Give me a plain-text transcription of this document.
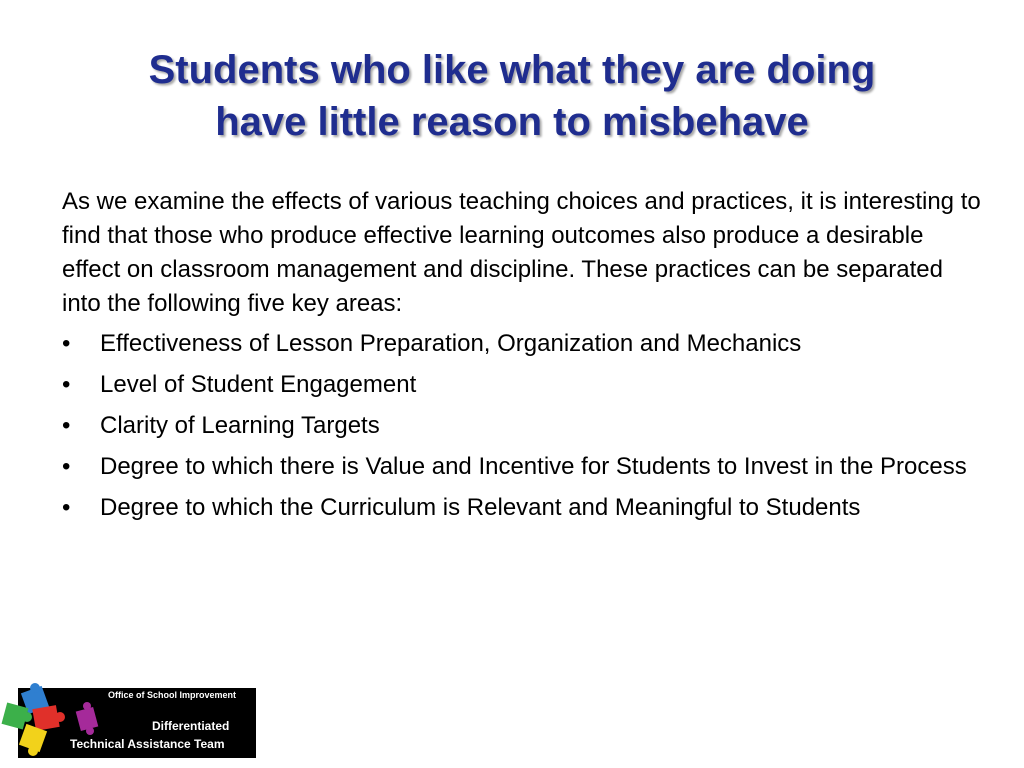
Students who like what they are doing
have little reason to misbehave

As we examine the effects of various teaching choices and practices, it is interesting to find that those who produce effective learning outcomes also produce a desirable effect on classroom management and discipline. These practices can be separated into the following five key areas:

•	Effectiveness of Lesson Preparation, Organization and Mechanics
•	Level of Student Engagement
•	Clarity of Learning Targets
•	Degree to which there is Value and Incentive for Students to Invest in the Process
•	Degree to which the Curriculum is Relevant and Meaningful to Students
Office of School Improvement
Differentiated
Technical Assistance Team
